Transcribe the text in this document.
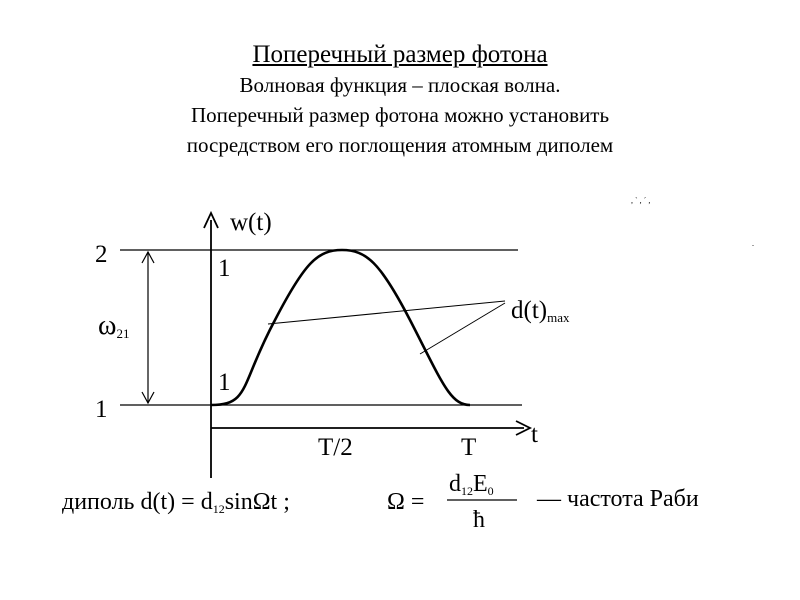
Поперечный размер фотона
Волновая функция – плоская волна.
Поперечный размер фотона можно установить
посредством его поглощения атомным диполем
, ` , ´ ,
.
w(t)
t
2
1
ω21
1
1
T/2	T
d(t)max
диполь d(t) = d12sinΩt ;	Ω =
d12E0
ħ
— частота Раби
